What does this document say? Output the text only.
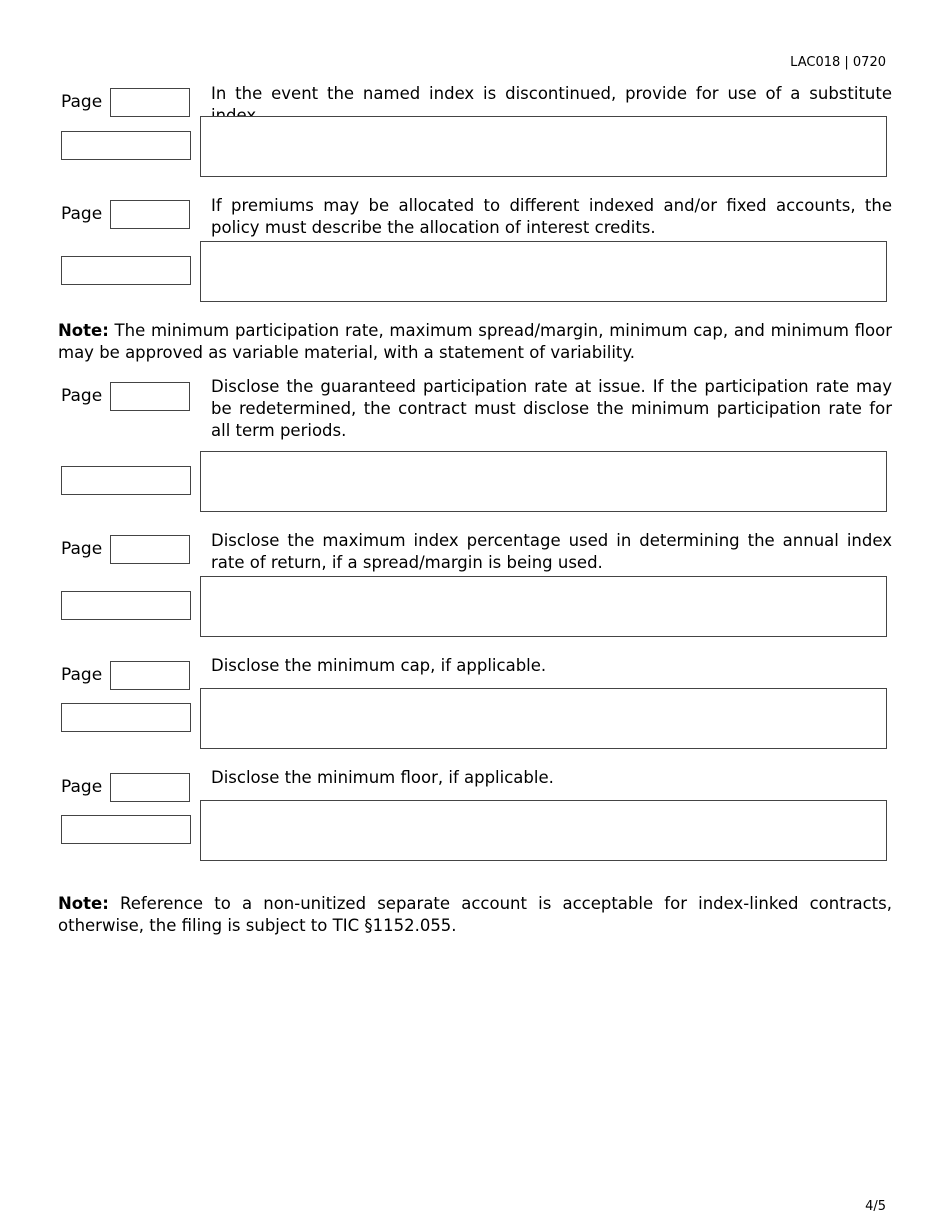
LAC018 | 0720
Page	In the event the named index is discontinued, provide for use of a substitute
Page	If premiums may be allocated to different indexed and/or fixed accounts, the policy must describe the allocation of interest credits.
Note: The minimum participation rate, maximum spread/margin, minimum cap, and minimum floor may be approved as variable material, with a statement of variability.
Page	Disclose the guaranteed participation rate at issue. If the participation rate may be redetermined, the contract must disclose the minimum participation rate for all term periods.
Page	Disclose the maximum index percentage used in determining the annual index rate of return, if a spread/margin is being used.
Page	Disclose the minimum cap, if applicable.
Page	Disclose the minimum floor, if applicable.
Note: Reference to a non-unitized separate account is acceptable for index-linked contracts, otherwise, the filing is subject to TIC §1152.055.
4/5
